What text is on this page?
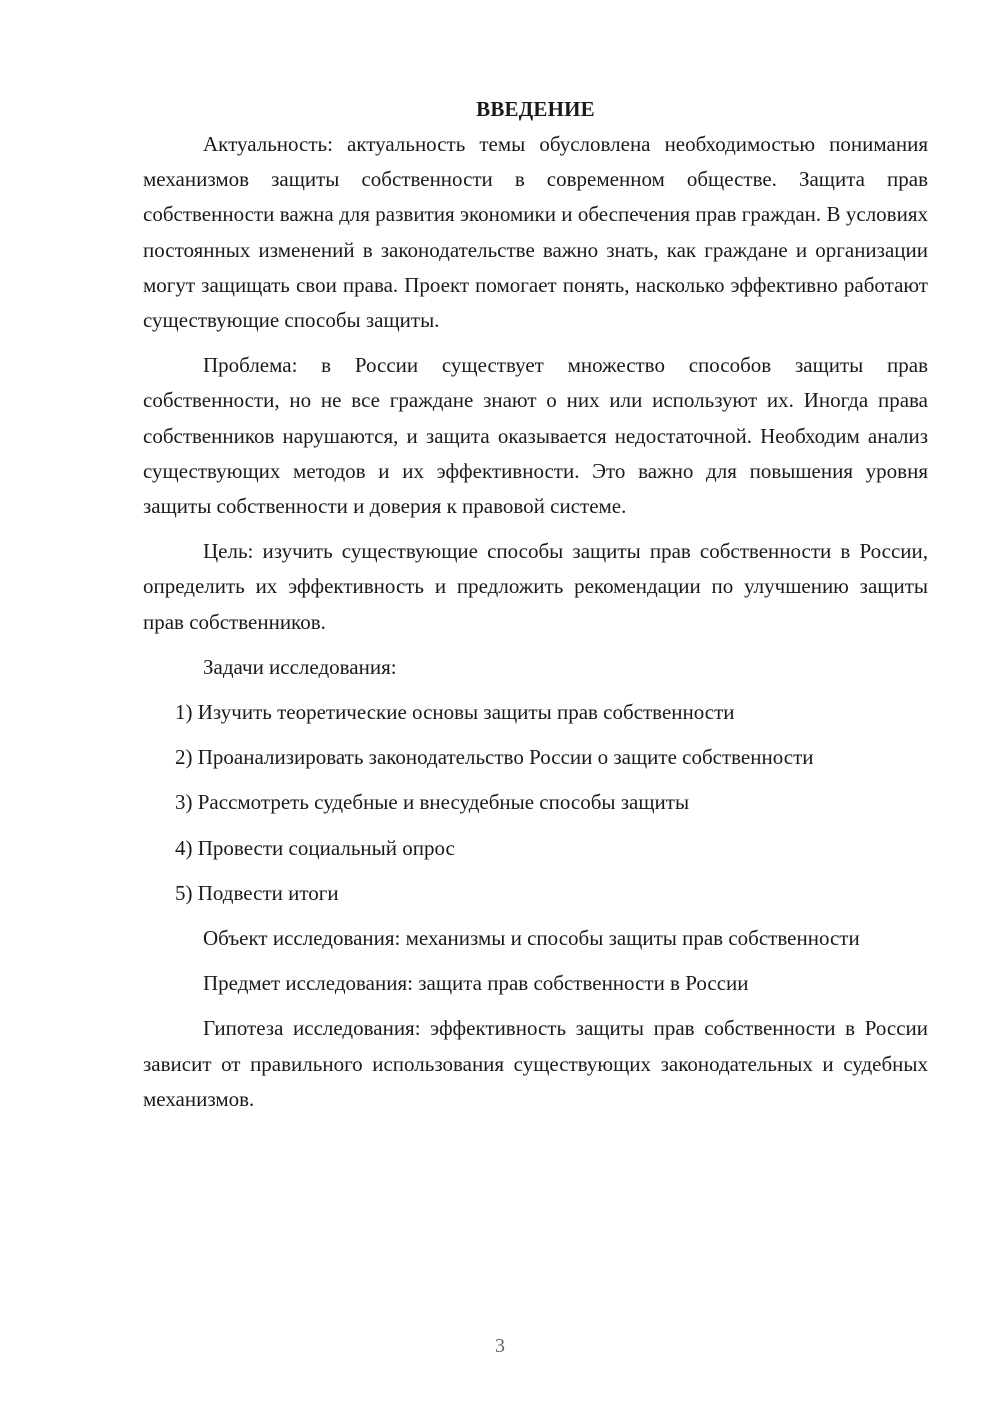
ВВЕДЕНИЕ

Актуальность: актуальность темы обусловлена необходимостью понимания механизмов защиты собственности в современном обществе. Защита прав собственности важна для развития экономики и обеспечения прав граждан. В условиях постоянных изменений в законодательстве важно знать, как граждане и организации могут защищать свои права. Проект помогает понять, насколько эффективно работают существующие способы защиты.

Проблема: в России существует множество способов защиты прав собственности, но не все граждане знают о них или используют их. Иногда права собственников нарушаются, и защита оказывается недостаточной. Необходим анализ существующих методов и их эффективности. Это важно для повышения уровня защиты собственности и доверия к правовой системе.

Цель: изучить существующие способы защиты прав собственности в России, определить их эффективность и предложить рекомендации по улучшению защиты прав собственников.

Задачи исследования:

1) Изучить теоретические основы защиты прав собственности

2) Проанализировать законодательство России о защите собственности

3) Рассмотреть судебные и внесудебные способы защиты

4) Провести социальный опрос

5) Подвести итоги

Объект исследования: механизмы и способы защиты прав собственности

Предмет исследования: защита прав собственности в России

Гипотеза исследования: эффективность защиты прав собственности в России зависит от правильного использования существующих законодательных и судебных механизмов.

3
